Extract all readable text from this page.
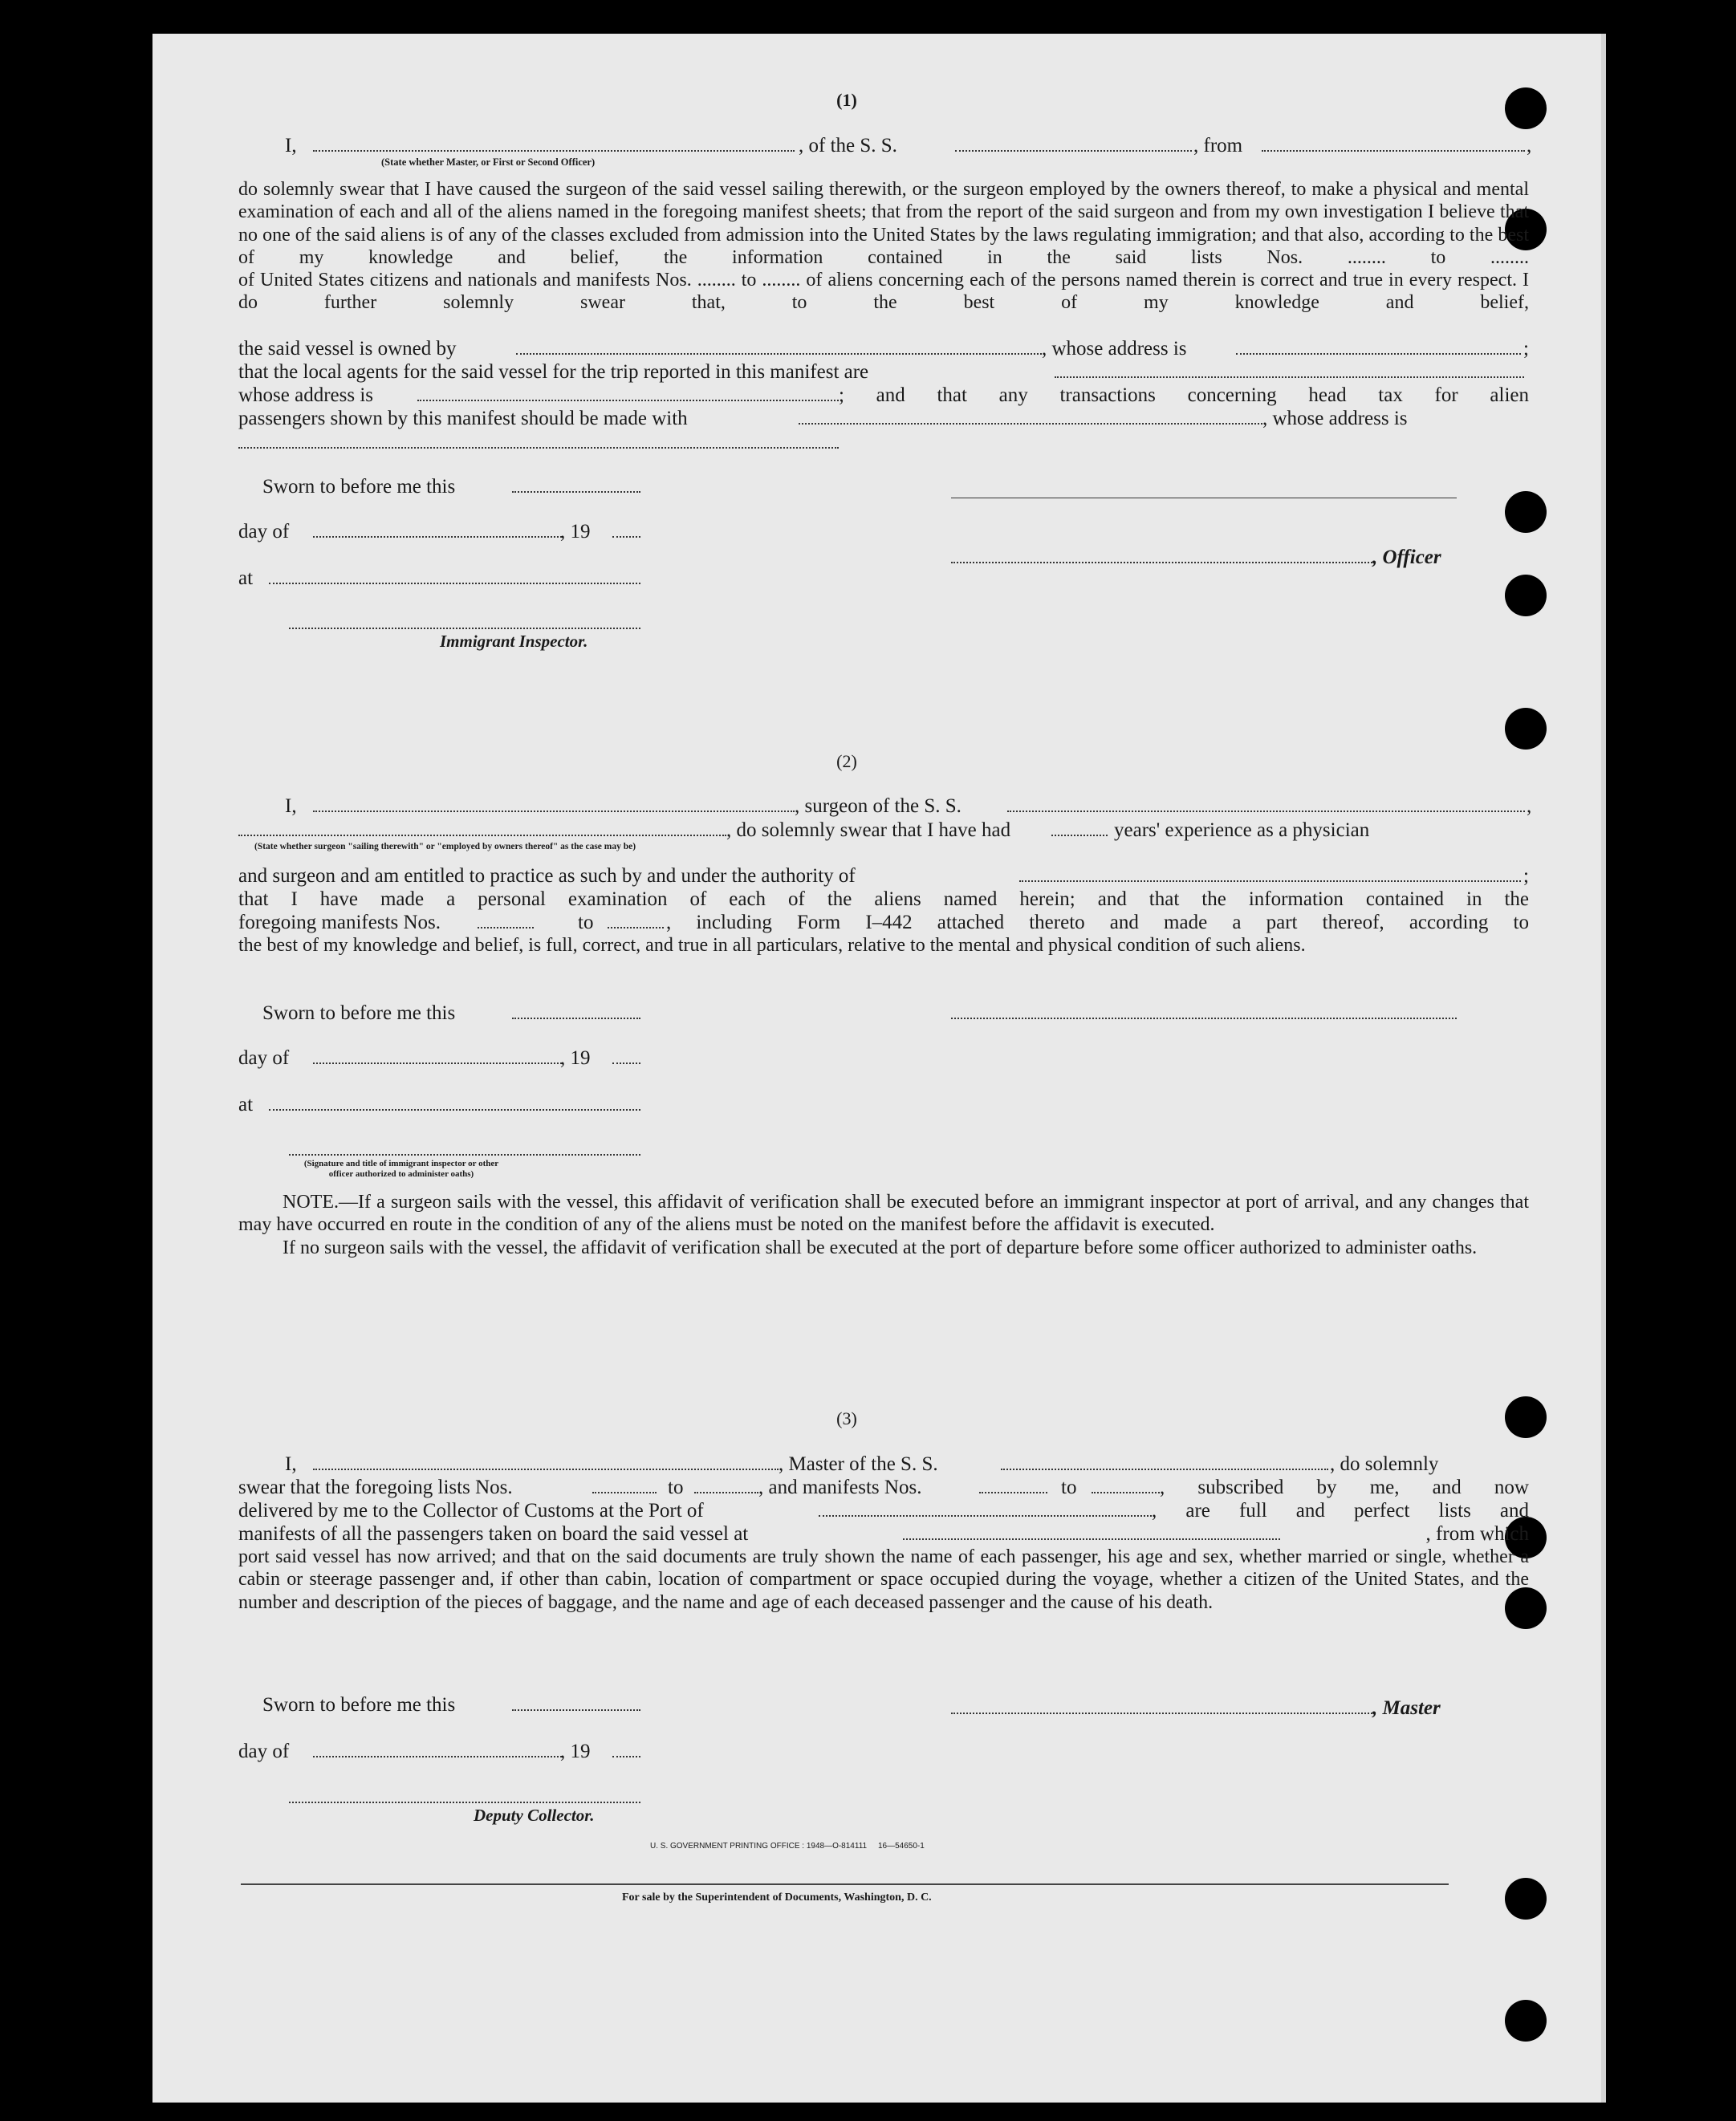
(1)
I,
(State whether Master, or First or Second Officer)
, of the S. S.	, from	,

do solemnly swear that I have caused the surgeon of the said vessel sailing therewith, or the surgeon employed by the owners thereof, to make a physical and mental examination of each and all of the aliens named in the foregoing manifest sheets; that from the report of the said surgeon and from my own investigation I believe that no one of the said aliens is of any of the classes excluded from admission into the United States by the laws regulating immigration; and that also, according to the best of my knowledge and belief, the information contained in the said lists Nos. ........ to ........

of United States citizens and nationals and manifests Nos. ........ to ........ of aliens concerning each of the persons named therein is correct and true in every respect. I do further solemnly swear that, to the best of my knowledge and belief,

the said vessel is owned by	, whose address is	;
that the local agents for the said vessel for the trip reported in this manifest are
whose address is	; and that any transactions concerning head tax for alien
passengers shown by this manifest should be made with	, whose address is
Sworn to before me this
day of	, 19
, Officer
at
Immigrant Inspector.
(2)
I,	, surgeon of the S. S.	,
, do solemnly swear that I have had	years' experience as a physician
(State whether surgeon "sailing therewith" or "employed by owners thereof" as the case may be)
and surgeon and am entitled to practice as such by and under the authority of	;
that I have made a personal examination of each of the aliens named herein; and that the information contained in the
foregoing manifests Nos.	to	, including Form I–442 attached thereto and made a part thereof, according to
the best of my knowledge and belief, is full, correct, and true in all particulars, relative to the mental and physical condition of such aliens.
Sworn to before me this
day of	, 19
at
(Signature and title of immigrant inspector or other officer authorized to administer oaths)

NOTE.—If a surgeon sails with the vessel, this affidavit of verification shall be executed before an immigrant inspector at port of arrival, and any changes that may have occurred en route in the condition of any of the aliens must be noted on the manifest before the affidavit is executed.

If no surgeon sails with the vessel, the affidavit of verification shall be executed at the port of departure before some officer authorized to administer oaths.

(3)
I,	, Master of the S. S.	, do solemnly
swear that the foregoing lists Nos.	to	, and manifests Nos.	to	, subscribed by me, and now
delivered by me to the Collector of Customs at the Port of	, are full and perfect lists and
manifests of all the passengers taken on board the said vessel at	, from which
port said vessel has now arrived; and that on the said documents are truly shown the name of each passenger, his age and sex, whether married or single, whether a cabin or steerage passenger and, if other than cabin, location of compartment or space occupied during the voyage, whether a citizen of the United States, and the number and description of the pieces of baggage, and the name and age of each deceased passenger and the cause of his death.
Sworn to before me this	, Master
day of	, 19
Deputy Collector.
U. S. GOVERNMENT PRINTING OFFICE : 1948—O-814111     16—54650-1
For sale by the Superintendent of Documents, Washington, D. C.
